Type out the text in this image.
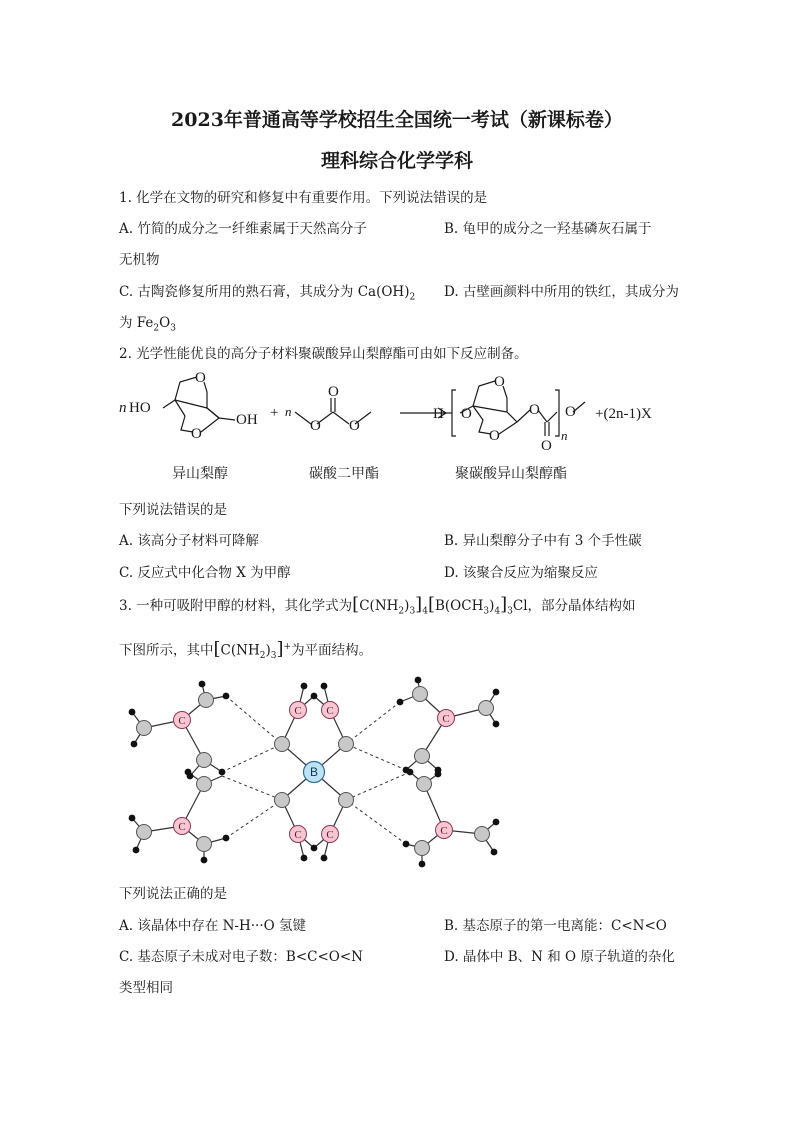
2023年普通高等学校招生全国统一考试（新课标卷）
理科综合化学学科
1. 化学在文物的研究和修复中有重要作用。下列说法错误的是
A. 竹简的成分之一纤维素属于天然高分子	B. 龟甲的成分之一羟基磷灰石属于
无机物
C. 古陶瓷修复所用的熟石膏，其成分为 $Ca(OH)_2$ D. 古壁画颜料中所用的铁红，其成分为
为 $Fe_2O_3$
2. 光学性能优良的高分子材料聚碳酸异山梨醇酯可由如下反应制备。
n HO
O
O
OH + n
O
O
O
H O
O
O
O
O
n
O +(2n-1)X
异山梨醇	碳酸二甲酯	聚碳酸异山梨醇酯
下列说法错误的是
A. 该高分子材料可降解	B. 异山梨醇分子中有 3 个手性碳
C. 反应式中化合物 X 为甲醇	D. 该聚合反应为缩聚反应
3. 一种可吸附甲醇的材料，其化学式为$[C(NH_2)_3]_4[B(OCH_3)_4]_3Cl$，部分晶体结构如
下图所示，其中$[C(NH_2)_3]^+$为平面结构。
C
C
C C
C C
C
C
B
下列说法正确的是
A. 该晶体中存在 N-H···O 氢键	B. 基态原子的第一电离能：C<N<O
C. 基态原子未成对电子数：B<C<O<N	D. 晶体中 B、N 和 O 原子轨道的杂化
类型相同
